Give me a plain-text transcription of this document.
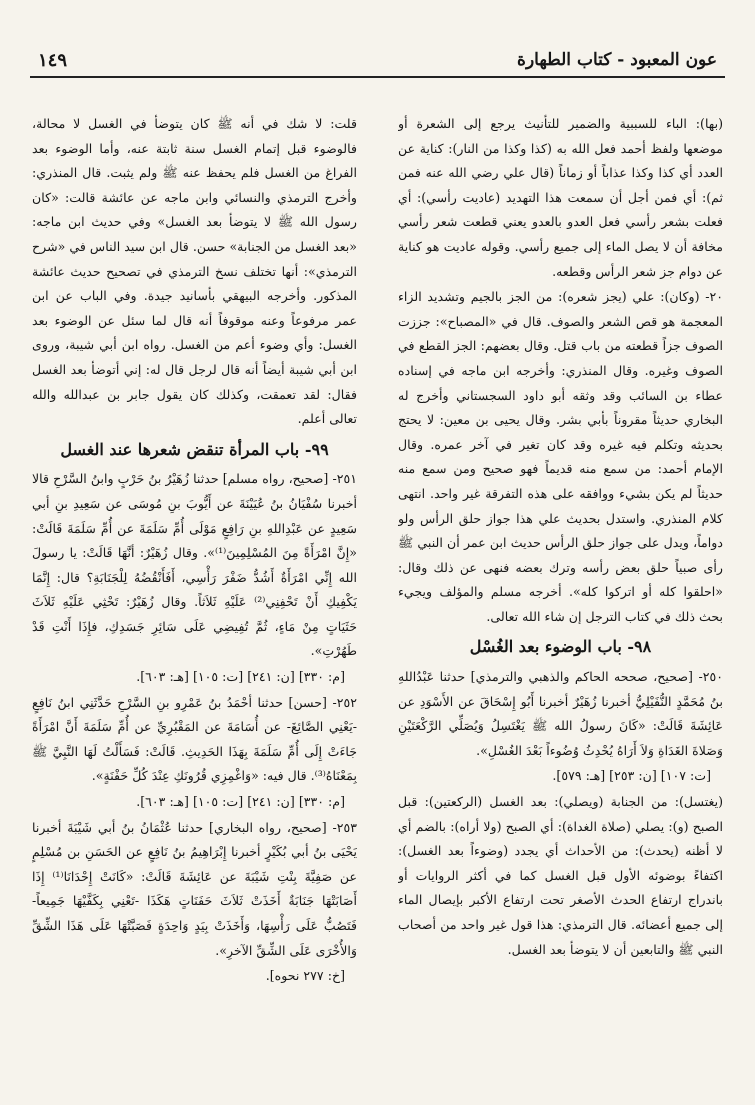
عون المعبود - كتاب الطهارة
١٤٩

(بها): الباء للسببية والضمير للتأنيث يرجع إلى الشعرة أو موضعها ولفظ أحمد فعل الله به (كذا وكذا من النار): كناية عن العدد أي كذا وكذا عذاباً أو زماناً (قال علي رضي الله عنه فمن ثم): أي فمن أجل أن سمعت هذا التهديد (عاديت رأسي): أي فعلت بشعر رأسي فعل العدو بالعدو يعني قطعت شعر رأسي مخافة أن لا يصل الماء إلى جميع رأسي. وقوله عاديت هو كناية عن دوام جز شعر الرأس وقطعه.

٢٠- (وكان): علي (يجز شعره): من الجز بالجيم وتشديد الزاء المعجمة هو قص الشعر والصوف. قال في «المصباح»: جززت الصوف جزاً قطعته من باب قتل. وقال بعضهم: الجز القطع في الصوف وغيره. وقال المنذري: وأخرجه ابن ماجه في إسناده عطاء بن السائب وقد وثقه أبو داود السجستاني وأخرج له البخاري حديثاً مقروناً بأبي بشر. وقال يحيى بن معين: لا يحتج بحديثه وتكلم فيه غيره وقد كان تغير في آخر عمره. وقال الإمام أحمد: من سمع منه قديماً فهو صحيح ومن سمع منه حديثاً لم يكن بشيء ووافقه على هذه التفرقة غير واحد. انتهى كلام المنذري. واستدل بحديث علي هذا جواز حلق الرأس ولو دواماً، ويدل على جواز حلق الرأس حديث ابن عمر أن النبي ﷺ رأى صبياً حلق بعض رأسه وترك بعضه فنهى عن ذلك وقال: «احلقوا كله أو اتركوا كله». أخرجه مسلم والمؤلف ويجيء بحث ذلك في كتاب الترجل إن شاء الله تعالى.

٩٨- باب الوضوء بعد الغُسْل

٢٥٠- [صحيح، صححه الحاكم والذهبي والترمذي] حدثنا عَبْدُاللهِ بنُ مُحَمَّدٍ النُّفَيْلِيُّ أخبرنا زُهَيْرٌ أخبرنا أَبُو إِسْحَاقَ عن الأَسْوَدِ عن عَائِشَةَ قَالَتْ: «كَانَ رسولُ الله ﷺ يَغْتَسِلُ وَيُصَلِّي الرَّكْعَتَيْنِ وَصَلاةَ الغَدَاةِ وَلاَ أَرَاهُ يُحْدِثُ وُضُوءاً بَعْدَ الغُسْلِ».

[ت: ١٠٧] [ن: ٢٥٣] [هـ: ٥٧٩].

(يغتسل): من الجنابة (ويصلي): بعد الغسل (الركعتين): قبل الصبح (و): يصلي (صلاة الغداة): أي الصبح (ولا أراه): بالضم أي لا أظنه (يحدث): من الأحداث أي يجدد (وضوءاً بعد الغسل): اكتفاءً بوضوئه الأول قبل الغسل كما في أكثر الروايات أو باندراج ارتفاع الحدث الأصغر تحت ارتفاع الأكبر بإيصال الماء إلى جميع أعضائه. قال الترمذي: هذا قول غير واحد من أصحاب النبي ﷺ والتابعين أن لا يتوضأ بعد الغسل.

قلت: لا شك في أنه ﷺ كان يتوضأ في الغسل لا محالة، فالوضوء قبل إتمام الغسل سنة ثابتة عنه، وأما الوضوء بعد الفراغ من الغسل فلم يحفظ عنه ﷺ ولم يثبت. قال المنذري: وأخرج الترمذي والنسائي وابن ماجه عن عائشة قالت: «كان رسول الله ﷺ لا يتوضأ بعد الغسل» وفي حديث ابن ماجه: «بعد الغسل من الجنابة» حسن. قال ابن سيد الناس في «شرح الترمذي»: أنها تختلف نسخ الترمذي في تصحيح حديث عائشة المذكور. وأخرجه البيهقي بأسانيد جيدة. وفي الباب عن ابن عمر مرفوعاً وعنه موقوفاً أنه قال لما سئل عن الوضوء بعد الغسل: وأي وضوء أعم من الغسل. رواه ابن أبي شيبة، وروى ابن أبي شيبة أيضاً أنه قال لرجل قال له: إني أتوضأ بعد الغسل فقال: لقد تعمقت، وكذلك كان يقول جابر بن عبدالله والله تعالى أعلم.

٩٩- باب المرأة تنقض شعرها عند الغسل

٢٥١- [صحيح، رواه مسلم] حدثنا زُهَيْرُ بنُ حَرْبٍ وابنُ السَّرْحِ قالا أخبرنا سُفْيَانُ بنُ عُيَيْنَةَ عن أَيُّوبَ بنِ مُوسَى عن سَعِيدِ بنِ أبي سَعِيدٍ عن عَبْدِاللهِ بنِ رَافِعٍ مَوْلَى أُمِّ سَلَمَةَ عن أُمِّ سَلَمَةَ قَالَتْ: «إِنَّ امْرَأَةً مِنَ المُسْلِمِينَ⁽¹⁾». وقال زُهَيْرٌ: أنَّهَا قَالَتْ: يا رسولَ الله إِنِّي امْرَأَةٌ أَشُدُّ ضَفْرَ رَأْسِي، أَفَأَنْقُضُهُ لِلْجَنَابَةِ؟ قال: إِنَّمَا يَكْفِيكِ أَنْ تَحْفِنِي⁽²⁾ عَلَيْهِ ثَلاَثاً. وقال زُهَيْرٌ: تَحْثِي عَلَيْهِ ثَلاَثَ حَثَيَاتٍ مِنْ مَاءٍ، ثُمَّ تُفِيضِي عَلَى سَائِرِ جَسَدِكِ، فإِذَا أَنْتِ قَدْ طَهُرْتِ».

[م: ٣٣٠] [ن: ٢٤١] [ت: ١٠٥] [هـ: ٦٠٣].

٢٥٢- [حسن] حدثنا أحْمَدُ بنُ عَمْرِو بنِ السَّرْحِ حَدَّثَنِي ابنُ نَافِعٍ -يَعْنِي الصَّائِغَ- عن أُسَامَةَ عن المَقْبُرِيِّ عن أُمِّ سَلَمَةَ أَنَّ امْرَأَةً جَاءَتْ إِلَى أُمِّ سَلَمَةَ بِهَذَا الحَدِيثِ. قَالَتْ: فَسَأَلْتُ لَهَا النَّبِيَّ ﷺ بِمَعْنَاهُ⁽³⁾. قال فيه: «وَاغْمِزِي قُرُونَكِ عِنْدَ كُلِّ حَفْنَةٍ».

[م: ٣٣٠] [ن: ٢٤١] [ت: ١٠٥] [هـ: ٦٠٣].

٢٥٣- [صحيح، رواه البخاري] حدثنا عُثْمَانُ بنُ أبي شَيْبَةَ أخبرنا يَحْيَى بنُ أبي بُكَيْرٍ أخبرنا إِبْرَاهِيمُ بنُ نَافِعٍ عن الحَسَنِ بن مُسْلِمٍ عن صَفِيَّةَ بِنْتِ شَيْبَةَ عن عَائِشَةَ قَالَتْ: «كَانَتْ إِحْدَانَا⁽¹⁾ إِذَا أَصَابَتْهَا جَنَابَةٌ أَخَذَتْ ثَلاَثَ حَفَنَاتٍ هَكَذَا -تَعْنِي بِكَفَّيْهَا جَمِيعاً- فَتَصُبُّ عَلَى رَأْسِهَا، وَأَخَذَتْ بِيَدٍ وَاحِدَةٍ فَصَبَّتْهَا عَلَى هَذَا الشِّقِّ وَالأُخْرَى عَلَى الشِّقِّ الآخرِ».

[خ: ٢٧٧ نحوه].
